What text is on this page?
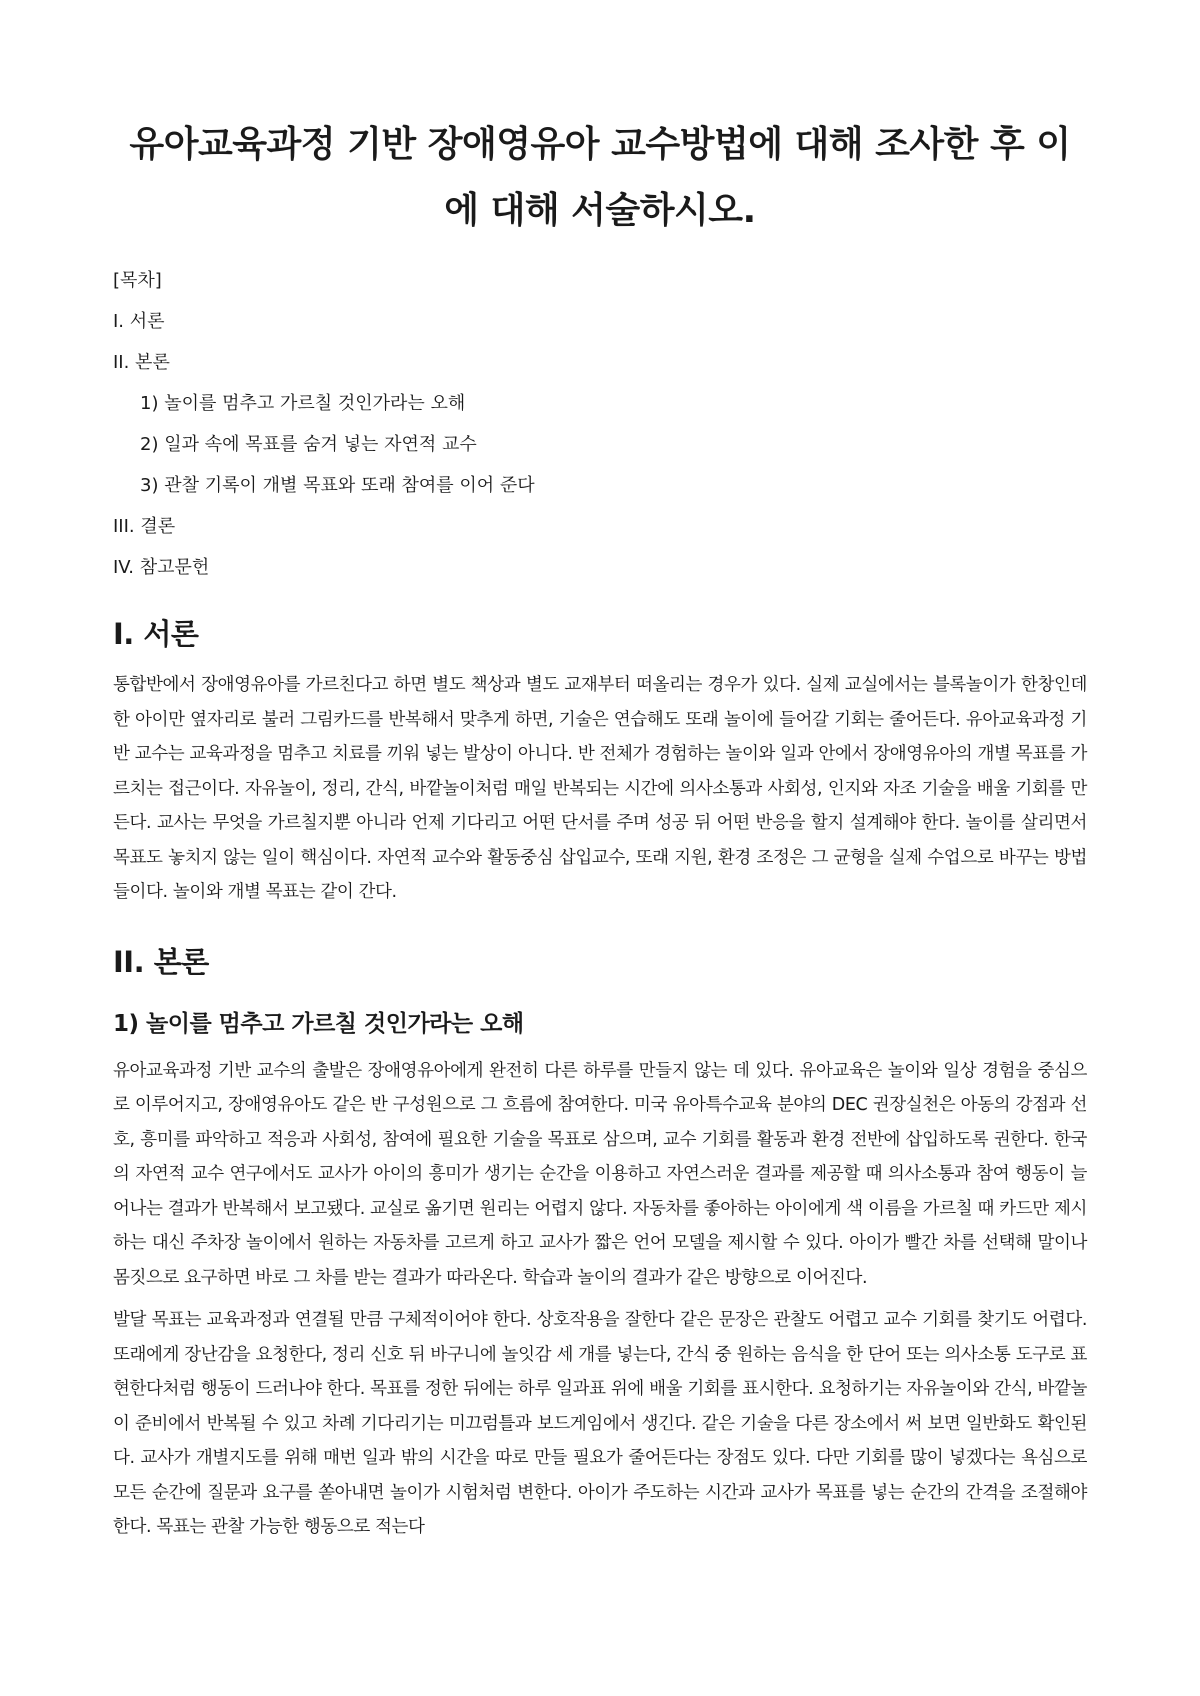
유아교육과정 기반 장애영유아 교수방법에 대해 조사한 후 이에 대해 서술하시오.
[목차]
I. 서론
II. 본론
1) 놀이를 멈추고 가르칠 것인가라는 오해
2) 일과 속에 목표를 숨겨 넣는 자연적 교수
3) 관찰 기록이 개별 목표와 또래 참여를 이어 준다
III. 결론
IV. 참고문헌
I. 서론

통합반에서 장애영유아를 가르친다고 하면 별도 책상과 별도 교재부터 떠올리는 경우가 있다. 실제 교실에서는 블록놀이가 한창인데 한 아이만 옆자리로 불러 그림카드를 반복해서 맞추게 하면, 기술은 연습해도 또래 놀이에 들어갈 기회는 줄어든다. 유아교육과정 기반 교수는 교육과정을 멈추고 치료를 끼워 넣는 발상이 아니다. 반 전체가 경험하는 놀이와 일과 안에서 장애영유아의 개별 목표를 가르치는 접근이다. 자유놀이, 정리, 간식, 바깥놀이처럼 매일 반복되는 시간에 의사소통과 사회성, 인지와 자조 기술을 배울 기회를 만든다. 교사는 무엇을 가르칠지뿐 아니라 언제 기다리고 어떤 단서를 주며 성공 뒤 어떤 반응을 할지 설계해야 한다. 놀이를 살리면서 목표도 놓치지 않는 일이 핵심이다. 자연적 교수와 활동중심 삽입교수, 또래 지원, 환경 조정은 그 균형을 실제 수업으로 바꾸는 방법들이다. 놀이와 개별 목표는 같이 간다.

II. 본론
1) 놀이를 멈추고 가르칠 것인가라는 오해

유아교육과정 기반 교수의 출발은 장애영유아에게 완전히 다른 하루를 만들지 않는 데 있다. 유아교육은 놀이와 일상 경험을 중심으로 이루어지고, 장애영유아도 같은 반 구성원으로 그 흐름에 참여한다. 미국 유아특수교육 분야의 DEC 권장실천은 아동의 강점과 선호, 흥미를 파악하고 적응과 사회성, 참여에 필요한 기술을 목표로 삼으며, 교수 기회를 활동과 환경 전반에 삽입하도록 권한다. 한국의 자연적 교수 연구에서도 교사가 아이의 흥미가 생기는 순간을 이용하고 자연스러운 결과를 제공할 때 의사소통과 참여 행동이 늘어나는 결과가 반복해서 보고됐다. 교실로 옮기면 원리는 어렵지 않다. 자동차를 좋아하는 아이에게 색 이름을 가르칠 때 카드만 제시하는 대신 주차장 놀이에서 원하는 자동차를 고르게 하고 교사가 짧은 언어 모델을 제시할 수 있다. 아이가 빨간 차를 선택해 말이나 몸짓으로 요구하면 바로 그 차를 받는 결과가 따라온다. 학습과 놀이의 결과가 같은 방향으로 이어진다.

발달 목표는 교육과정과 연결될 만큼 구체적이어야 한다. 상호작용을 잘한다 같은 문장은 관찰도 어렵고 교수 기회를 찾기도 어렵다. 또래에게 장난감을 요청한다, 정리 신호 뒤 바구니에 놀잇감 세 개를 넣는다, 간식 중 원하는 음식을 한 단어 또는 의사소통 도구로 표현한다처럼 행동이 드러나야 한다. 목표를 정한 뒤에는 하루 일과표 위에 배울 기회를 표시한다. 요청하기는 자유놀이와 간식, 바깥놀이 준비에서 반복될 수 있고 차례 기다리기는 미끄럼틀과 보드게임에서 생긴다. 같은 기술을 다른 장소에서 써 보면 일반화도 확인된다. 교사가 개별지도를 위해 매번 일과 밖의 시간을 따로 만들 필요가 줄어든다는 장점도 있다. 다만 기회를 많이 넣겠다는 욕심으로 모든 순간에 질문과 요구를 쏟아내면 놀이가 시험처럼 변한다. 아이가 주도하는 시간과 교사가 목표를 넣는 순간의 간격을 조절해야 한다. 목표는 관찰 가능한 행동으로 적는다
